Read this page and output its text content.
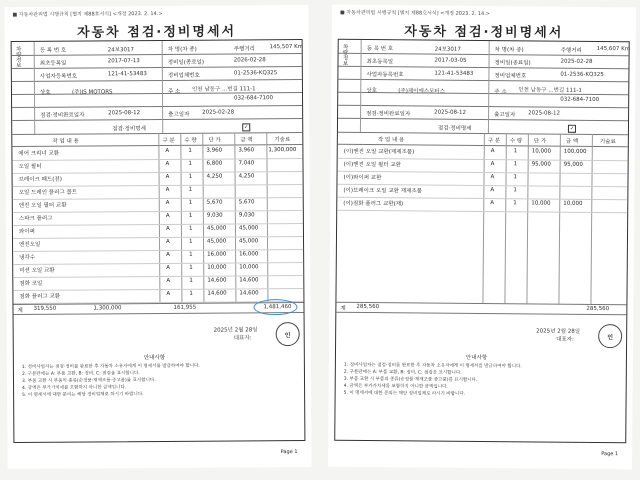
■ 자동차관리법 시행규칙 [별지 제88호서식] <개정 2023. 2. 14.>
자동차 점검·정비명세서
차량정보	등 록 번 호	24보3017	차 명(차 종)	주행거리	145,507 Km
최초등록일	2017-07-13	정비일(종료일)	2026-02-28
사업자등록번호	121-41-53483	정비업체번호	01-2536-KQ325
상호	(주)JS MOTORS	주 소 인천 남동구 ...번길 111-1
032-684-7100
점검·정비완료일자	2025-08-12	출고일자 2025-02-28
점검·정비명세	✓
작 업 내 용	구 분 수 량 단 가	금 액	기술료
에어 크리너 교환	A	1	3,960	3,960	1,300,000
오일 필터	A	1	6,800	7,040
브레이크 패드(전)	A	1	4,250	4,250
오일 드레인 플러그 볼트	A	1
엔진 오일 필터 교환	A	1	5,670	5,670
스파크 플러그	A	1	9,030	9,030
와이퍼	A	1	45,000 45,000
엔진오일	A	1	45,000 45,000
냉각수	A	1	16,000 16,000
미션 오일 교환	A	1	10,000 10,000
점화 코일	A	1	14,600 14,600
점화 플러그 교환	A	1	14,600 14,600
계 319,550	1,300,000	161,955	1,481,460
2025년 2월 28일
대표자:	인
안내사항
1. 정비사업자는 점검·정비를 완료한 후 자동차 소유자에게 이 명세서를 발급하여야 합니다.
2. 구분란에는 A: 부품 교환, B: 정비, C: 점검을 표시합니다.
3. 부품 교환 시 부품의 종류(순정품·재제조품·중고품)를 표시합니다.
4. 금액은 부가가치세를 포함하지 아니한 금액입니다.
5. 이 명세서에 대한 문의는 해당 정비업체로 하시기 바랍니다.
Page 1
■ 자동차관리법 시행규칙 [별지 제88호서식] <개정 2023. 2. 14.>
자동차 점검·정비명세서
차량정보	등 록 번 호	24보3017	차 명(차 종)	주행거리	145,607 Km
최초등록일	2017-03-05	정비일(종료일)	2025-02-28
사업자등록번호	121-41-53483	정비업체번호	01-2536-KQ325
상호	(주)제이에스모터스	주 소 인천 남동구 ...번길 111-1
032-684-7100
점검·정비완료일자	2025-08-12	출고일자 2025-08-12
점검·정비명세	✓
작 업 내 용	구 분 수 량 단 가	금 액	기술료
(이)엔진 오일 교환(재제조품)	A	1	10,000 100,000
(이)엔진 오일 필터 교환	A	1	95,000 95,000
(이)와이퍼 교환	A	1
(이)브레이크 오일 교환 재제조품	A	1
(이)점화 플러그 교환(재)	A	1	10,000 10,000
계 285,560	285,560
2025년 2월 28일
대표자:	인
안내사항
1. 정비사업자는 점검·정비를 완료한 후 자동차 소유자에게 이 명세서를 발급하여야 합니다.
2. 구분란에는 A: 부품 교환, B: 정비, C: 점검을 표시합니다.
3. 부품 교환 시 부품의 종류(순정품·재제조품·중고품)를 표시합니다.
4. 금액은 부가가치세를 포함하지 아니한 금액입니다.
5. 이 명세서에 대한 문의는 해당 정비업체로 하시기 바랍니다.
Page 1
